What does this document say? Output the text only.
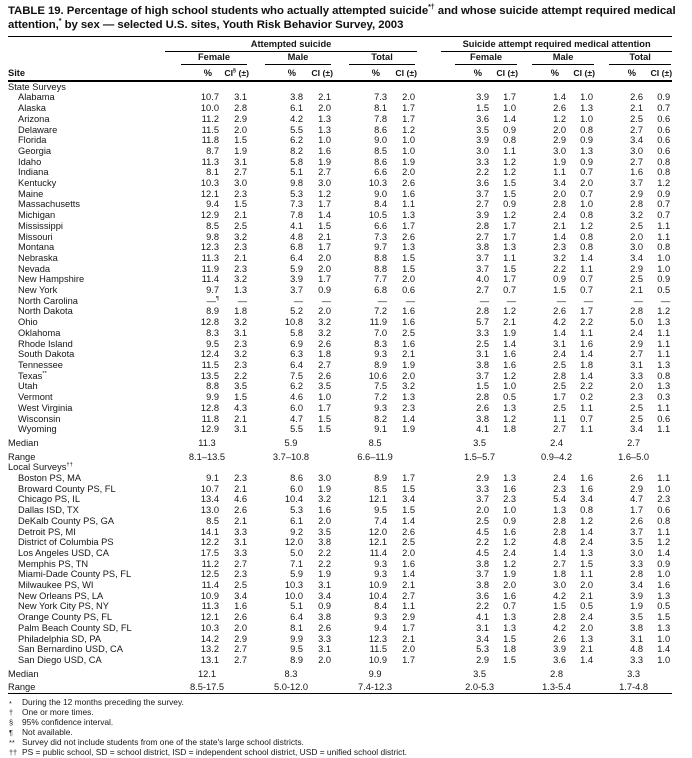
TABLE 19. Percentage of high school students who actually attempted suicide*† and whose suicide attempt required medical attention,* by sex — selected U.S. sites, Youth Risk Behavior Survey, 2003
	Attempted suicide							Suicide attempt required medical attention					

	Female		Male		Total			Female		Male		Total	

Site	%	CI§ (±)	%	CI (±)	%	CI (±)		%	CI (±)	%	CI (±)	%	CI (±)
State Surveys													
Alabama	10.7	3.1	3.8	2.1	7.3	2.0		3.9	1.7	1.4	1.0	2.6	0.9
Alaska	10.0	2.8	6.1	2.0	8.1	1.7		1.5	1.0	2.6	1.3	2.1	0.7
Arizona	11.2	2.9	4.2	1.3	7.8	1.7		3.6	1.4	1.2	1.0	2.5	0.6
Delaware	11.5	2.0	5.5	1.3	8.6	1.2		3.5	0.9	2.0	0.8	2.7	0.6
Florida	11.8	1.5	6.2	1.0	9.0	1.0		3.9	0.8	2.9	0.9	3.4	0.6
Georgia	8.7	1.9	8.2	1.6	8.5	1.0		3.0	1.1	3.0	1.3	3.0	0.6
Idaho	11.3	3.1	5.8	1.9	8.6	1.9		3.3	1.2	1.9	0.9	2.7	0.8
Indiana	8.1	2.7	5.1	2.7	6.6	2.0		2.2	1.2	1.1	0.7	1.6	0.8
Kentucky	10.3	3.0	9.8	3.0	10.3	2.6		3.6	1.5	3.4	2.0	3.7	1.2
Maine	12.1	2.3	5.3	1.2	9.0	1.6		3.7	1.5	2.0	0.7	2.9	0.9
Massachusetts	9.4	1.5	7.3	1.7	8.4	1.1		2.7	0.9	2.8	1.0	2.8	0.7
Michigan	12.9	2.1	7.8	1.4	10.5	1.3		3.9	1.2	2.4	0.8	3.2	0.7
Mississippi	8.5	2.5	4.1	1.5	6.6	1.7		2.8	1.7	2.1	1.2	2.5	1.1
Missouri	9.8	3.2	4.8	2.1	7.3	2.6		2.7	1.7	1.4	0.8	2.0	1.1
Montana	12.3	2.3	6.8	1.7	9.7	1.3		3.8	1.3	2.3	0.8	3.0	0.8
Nebraska	11.3	2.1	6.4	2.0	8.8	1.5		3.7	1.1	3.2	1.4	3.4	1.0
Nevada	11.9	2.3	5.9	2.0	8.8	1.5		3.7	1.5	2.2	1.1	2.9	1.0
New Hampshire	11.4	3.2	3.9	1.7	7.7	2.0		4.0	1.7	0.9	0.7	2.5	0.9
New York	9.7	1.3	3.7	0.9	6.8	0.6		2.7	0.7	1.5	0.7	2.1	0.5
North Carolina	—¶	—	—	—	—	—		—	—	—	—	—	—
North Dakota	8.9	1.8	5.2	2.0	7.2	1.6		2.8	1.2	2.6	1.7	2.8	1.2
Ohio	12.8	3.2	10.8	3.2	11.9	1.6		5.7	2.1	4.2	2.2	5.0	1.3
Oklahoma	8.3	3.1	5.8	3.2	7.0	2.5		3.3	1.9	1.4	1.1	2.4	1.1
Rhode Island	9.5	2.3	6.9	2.6	8.3	1.6		2.5	1.4	3.1	1.6	2.9	1.1
South Dakota	12.4	3.2	6.3	1.8	9.3	2.1		3.1	1.6	2.4	1.4	2.7	1.1
Tennessee	11.5	2.3	6.4	2.7	8.9	1.9		3.8	1.6	2.5	1.8	3.1	1.3
Texas**	13.5	2.2	7.5	2.6	10.6	2.0		3.7	1.2	2.8	1.4	3.3	0.8
Utah	8.8	3.5	6.2	3.5	7.5	3.2		1.5	1.0	2.5	2.2	2.0	1.3
Vermont	9.9	1.5	4.6	1.0	7.2	1.3		2.8	0.5	1.7	0.2	2.3	0.3
West Virginia	12.8	4.3	6.0	1.7	9.3	2.3		2.6	1.3	2.5	1.1	2.5	1.1
Wisconsin	11.8	2.1	4.7	1.5	8.2	1.4		3.8	1.2	1.1	0.7	2.5	0.6
Wyoming	12.9	3.1	5.5	1.5	9.1	1.9		4.1	1.8	2.7	1.1	3.4	1.1
Median	11.3		5.9		8.5			3.5		2.4		2.7	
Range	8.1–13.5		3.7–10.8		6.6–11.9			1.5–5.7		0.9–4.2		1.6–5.0	
Local Surveys††
Boston PS, MA	9.1	2.3	8.6	3.0	8.9	1.7		2.9	1.3	2.4	1.6	2.6	1.1
Broward County PS, FL	10.7	2.1	6.0	1.9	8.5	1.5		3.3	1.6	2.3	1.6	2.9	1.0
Chicago PS, IL	13.4	4.6	10.4	3.2	12.1	3.4		3.7	2.3	5.4	3.4	4.7	2.3
Dallas ISD, TX	13.0	2.6	5.3	1.6	9.5	1.5		2.0	1.0	1.3	0.8	1.7	0.6
DeKalb County PS, GA	8.5	2.1	6.1	2.0	7.4	1.4		2.5	0.9	2.8	1.2	2.6	0.8
Detroit PS, MI	14.1	3.3	9.2	3.5	12.0	2.6		4.5	1.6	2.8	1.4	3.7	1.1
District of Columbia PS	12.2	3.1	12.0	3.8	12.1	2.5		2.2	1.2	4.8	2.4	3.5	1.2
Los Angeles USD, CA	17.5	3.3	5.0	2.2	11.4	2.0		4.5	2.4	1.4	1.3	3.0	1.4
Memphis PS, TN	11.2	2.7	7.1	2.2	9.3	1.6		3.8	1.2	2.7	1.5	3.3	0.9
Miami-Dade County PS, FL	12.5	2.3	5.9	1.9	9.3	1.4		3.7	1.9	1.8	1.1	2.8	1.0
Milwaukee PS, WI	11.4	2.5	10.3	3.1	10.9	2.1		3.8	2.0	3.0	2.0	3.4	1.6
New Orleans PS, LA	10.9	3.4	10.0	3.4	10.4	2.7		3.6	1.6	4.2	2.1	3.9	1.3
New York City PS, NY	11.3	1.6	5.1	0.9	8.4	1.1		2.2	0.7	1.5	0.5	1.9	0.5
Orange County PS, FL	12.1	2.6	6.4	3.8	9.3	2.9		4.1	1.3	2.8	2.4	3.5	1.5
Palm Beach County SD, FL	10.3	2.0	8.1	2.6	9.4	1.7		3.1	1.3	4.2	2.0	3.8	1.3
Philadelphia SD, PA	14.2	2.9	9.9	3.3	12.3	2.1		3.4	1.5	2.6	1.3	3.1	1.0
San Bernardino USD, CA	13.2	2.7	9.5	3.1	11.5	2.0		5.3	1.8	3.9	2.1	4.8	1.4
San Diego USD, CA	13.1	2.7	8.9	2.0	10.9	1.7		2.9	1.5	3.6	1.4	3.3	1.0
Median	12.1		8.3		9.9			3.5		2.8		3.3	
Range	8.5-17.5		5.0-12.0		7.4-12.3			2.0-5.3		1.3-5.4		1.7-4.8	
*	During the 12 months preceding the survey.
†	One or more times.
§	95% confidence interval.
¶	Not available.
** Survey did not include students from one of the state's large school districts.
†† PS = public school, SD = school district, ISD = independent school district, USD = unified school district.
